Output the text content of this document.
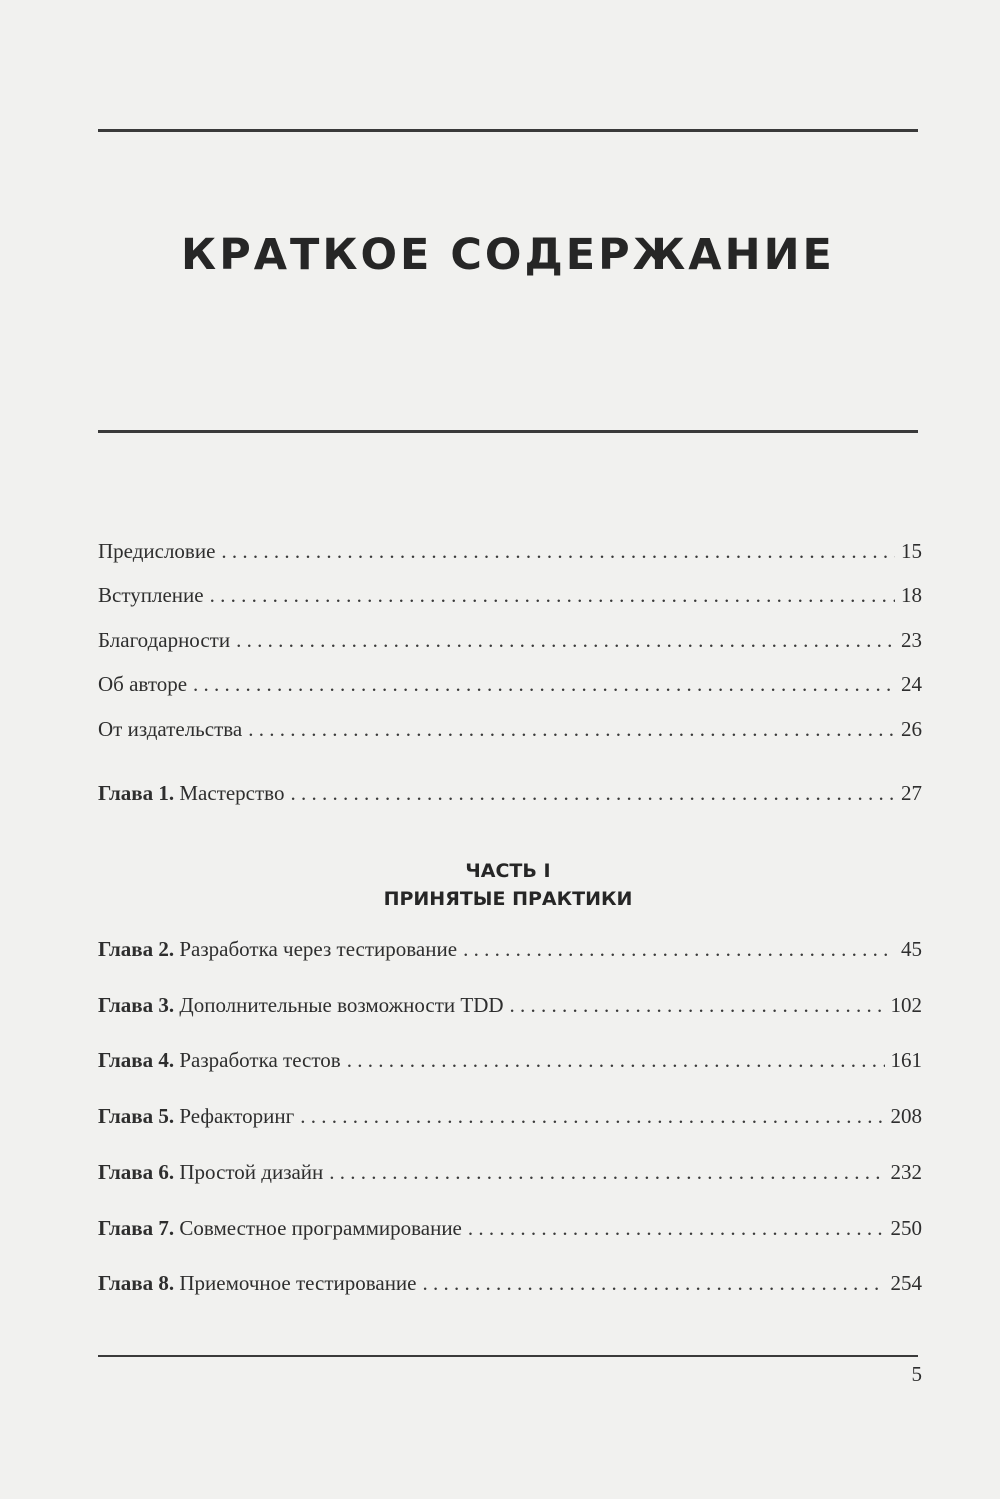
КРАТКОЕ СОДЕРЖАНИЕ
Предисловие . . .	15
Вступление . . .	18
Благодарности . . .	23
Об авторе . . .	24
От издательства . . .	26
Глава 1. Мастерство . . .	27
ЧАСТЬ I
ПРИНЯТЫЕ ПРАКТИКИ
Глава 2. Разработка через тестирование . . .	45
Глава 3. Дополнительные возможности TDD . . .	102
Глава 4. Разработка тестов . . .	161
Глава 5. Рефакторинг . . .	208
Глава 6. Простой дизайн . . .	232
Глава 7. Совместное программирование . . .	250
Глава 8. Приемочное тестирование . . .	254
5
